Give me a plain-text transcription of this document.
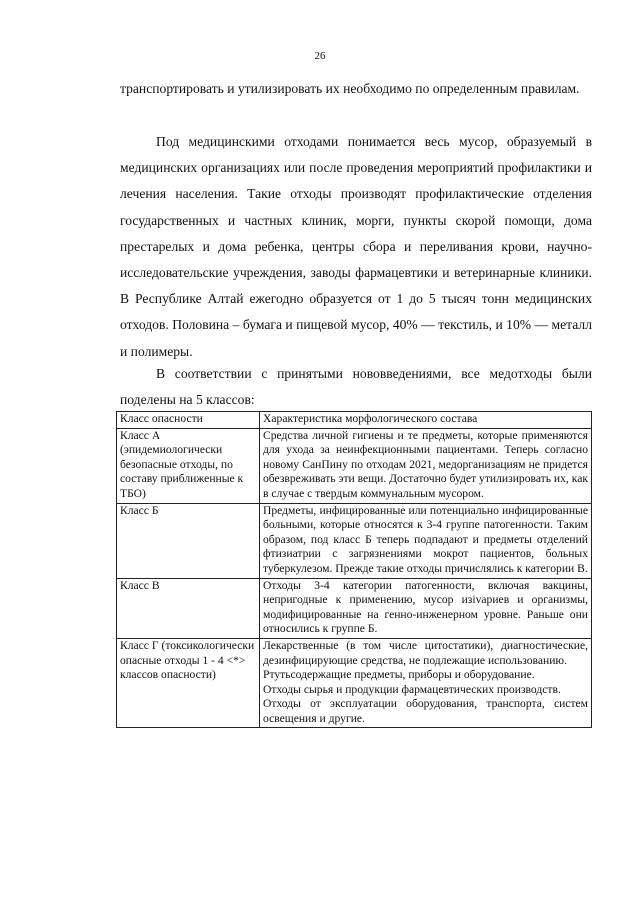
26
транспортировать и утилизировать их необходимо по определенным правилам.
Под медицинскими отходами понимается весь мусор, образуемый в медицинских организациях или после проведения мероприятий профилактики и лечения населения. Такие отходы производят профилактические отделения государственных и частных клиник, морги, пункты скорой помощи, дома престарелых и дома ребенка, центры сбора и переливания крови, научно-исследовательские учреждения, заводы фармацевтики и ветеринарные клиники. В Республике Алтай ежегодно образуется от 1 до 5 тысяч тонн медицинских отходов. Половина – бумага и пищевой мусор, 40% — текстиль, и 10% — металл и полимеры.
В соответствии с принятыми нововведениями, все медотходы были поделены на 5 классов:
Класс опасности	Характеристика морфологического состава
Класс А (эпидемиологически безопасные отходы, по составу приближенные к ТБО)	Средства личной гигиены и те предметы, которые применяются для ухода за неинфекционными пациентами. Теперь согласно новому СанПину по отходам 2021, медорганизациям не придется обезвреживать эти вещи. Достаточно будет утилизировать их, как в случае с твердым коммунальным мусором.

Класс Б	Предметы, инфицированные или потенциально инфицированные больными, которые относятся к 3-4 группе патогенности. Таким образом, под класс Б теперь подпадают и предметы отделений фтизиатрии с загрязнениями мокрот пациентов, больных туберкулезом. Прежде такие отходы причислялись к категории В.

Класс В	Отходы 3-4 категории патогенности, включая вакцины, непригодные к применению, мусор изivариев и организмы, модифицированные на генно-инженерном уровне. Раньше они относились к группе Б.

Класс Г (токсикологически опасные отходы 1 - 4 <*> классов опасности)	Лекарственные (в том числе цитостатики), диагностические, дезинфицирующие средства, не подлежащие использованию.
Ртутьсодержащие предметы, приборы и оборудование.
Отходы сырья и продукции фармацевтических производств.
Отходы от эксплуатации оборудования, транспорта, систем освещения и другие.
